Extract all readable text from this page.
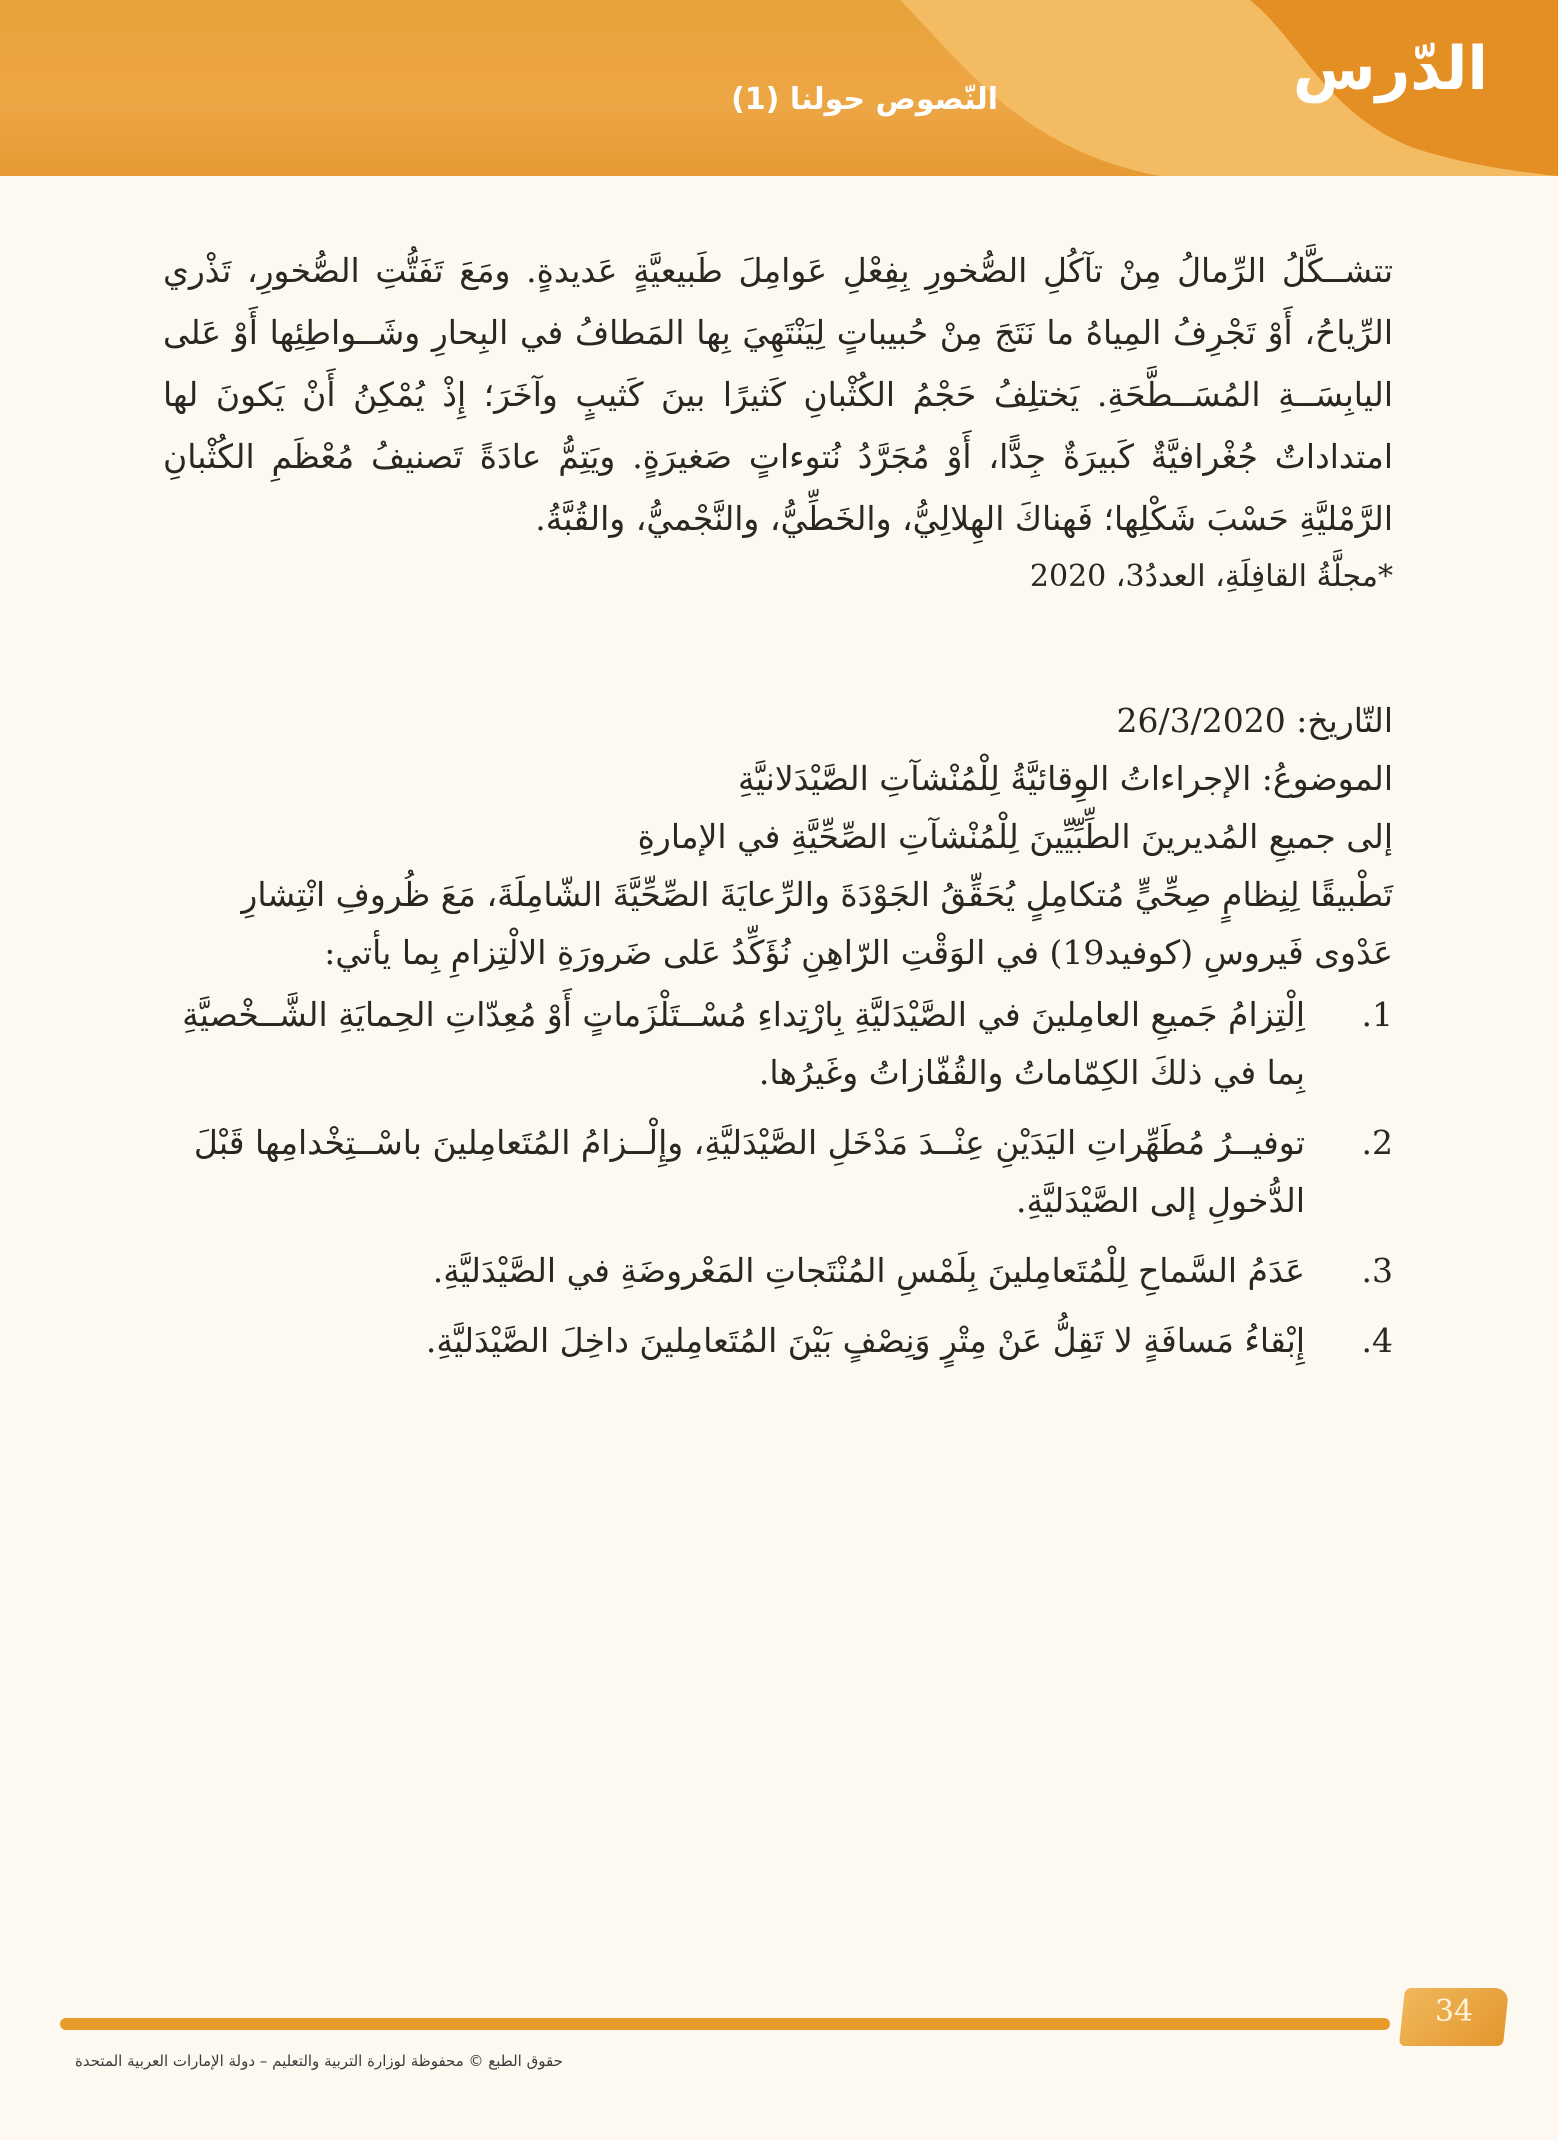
الدّرس
النّصوص حولنا (1)
تتشــكَّلُ الرِّمالُ مِنْ تآكُلِ الصُّخورِ بِفِعْلِ عَوامِلَ طَبيعيَّةٍ عَديدةٍ. ومَعَ تَفَتُّتِ الصُّخورِ، تَذْري الرِّياحُ، أَوْ تَجْرِفُ المِياهُ ما نَتَجَ مِنْ حُبيباتٍ لِيَنْتَهِيَ بِها المَطافُ في البِحارِ وشَــواطِئِها أَوْ عَلى اليابِسَــةِ المُسَــطَّحَةِ. يَختلِفُ حَجْمُ الكُثْبانِ كَثيرًا بينَ كَثيبٍ وآخَرَ؛ إِذْ يُمْكِنُ أَنْ يَكونَ لها امتداداتٌ جُغْرافيَّةٌ كَبيرَةٌ جِدًّا، أَوْ مُجَرَّدُ نُتوءاتٍ صَغيرَةٍ. ويَتِمُّ عادَةً تَصنيفُ مُعْظَمِ الكُثْبانِ الرَّمْليَّةِ حَسْبَ شَكْلِها؛ فَهناكَ الهِلالِيُّ، والخَطِّيُّ، والنَّجْميُّ، والقُبَّةُ.
*مجلَّةُ القافِلَةِ، العددُ3، 2020

التّاريخ: 26/3/2020

الموضوعُ: الإجراءاتُ الوِقائيَّةُ لِلْمُنْشآتِ الصَّيْدَلانيَّةِ

إلى جميعِ المُديرينَ الطِّبِّيِّينَ لِلْمُنْشآتِ الصِّحِّيَّةِ في الإمارةِ

تَطْبيقًا لِنِظامٍ صِحِّيٍّ مُتكامِلٍ يُحَقِّقُ الجَوْدَةَ والرِّعايَةَ الصِّحِّيَّةَ الشّامِلَةَ، مَعَ ظُروفِ انْتِشارِ عَدْوى فَيروسِ (كوفيد19) في الوَقْتِ الرّاهِنِ نُؤَكِّدُ عَلى ضَرورَةِ الالْتِزامِ بِما يأتي:

1.
اِلْتِزامُ جَميعِ العامِلينَ في الصَّيْدَليَّةِ بِارْتِداءِ مُسْــتَلْزَماتٍ أَوْ مُعِدّاتِ الحِمايَةِ الشَّــخْصيَّةِ بِما في ذلكَ الكِمّاماتُ والقُفّازاتُ وغَيرُها.
2.
توفيــرُ مُطَهِّراتِ اليَدَيْنِ عِنْــدَ مَدْخَلِ الصَّيْدَليَّةِ، وإِلْــزامُ المُتَعامِلينَ باسْــتِخْدامِها قَبْلَ الدُّخولِ إلى الصَّيْدَليَّةِ.
3.
عَدَمُ السَّماحِ لِلْمُتَعامِلينَ بِلَمْسِ المُنْتَجاتِ المَعْروضَةِ في الصَّيْدَليَّةِ.
4.
إِبْقاءُ مَسافَةٍ لا تَقِلُّ عَنْ مِتْرٍ وَنِصْفٍ بَيْنَ المُتَعامِلينَ داخِلَ الصَّيْدَليَّةِ.
34
حقوق الطبع © محفوظة لوزارة التربية والتعليم – دولة الإمارات العربية المتحدة
